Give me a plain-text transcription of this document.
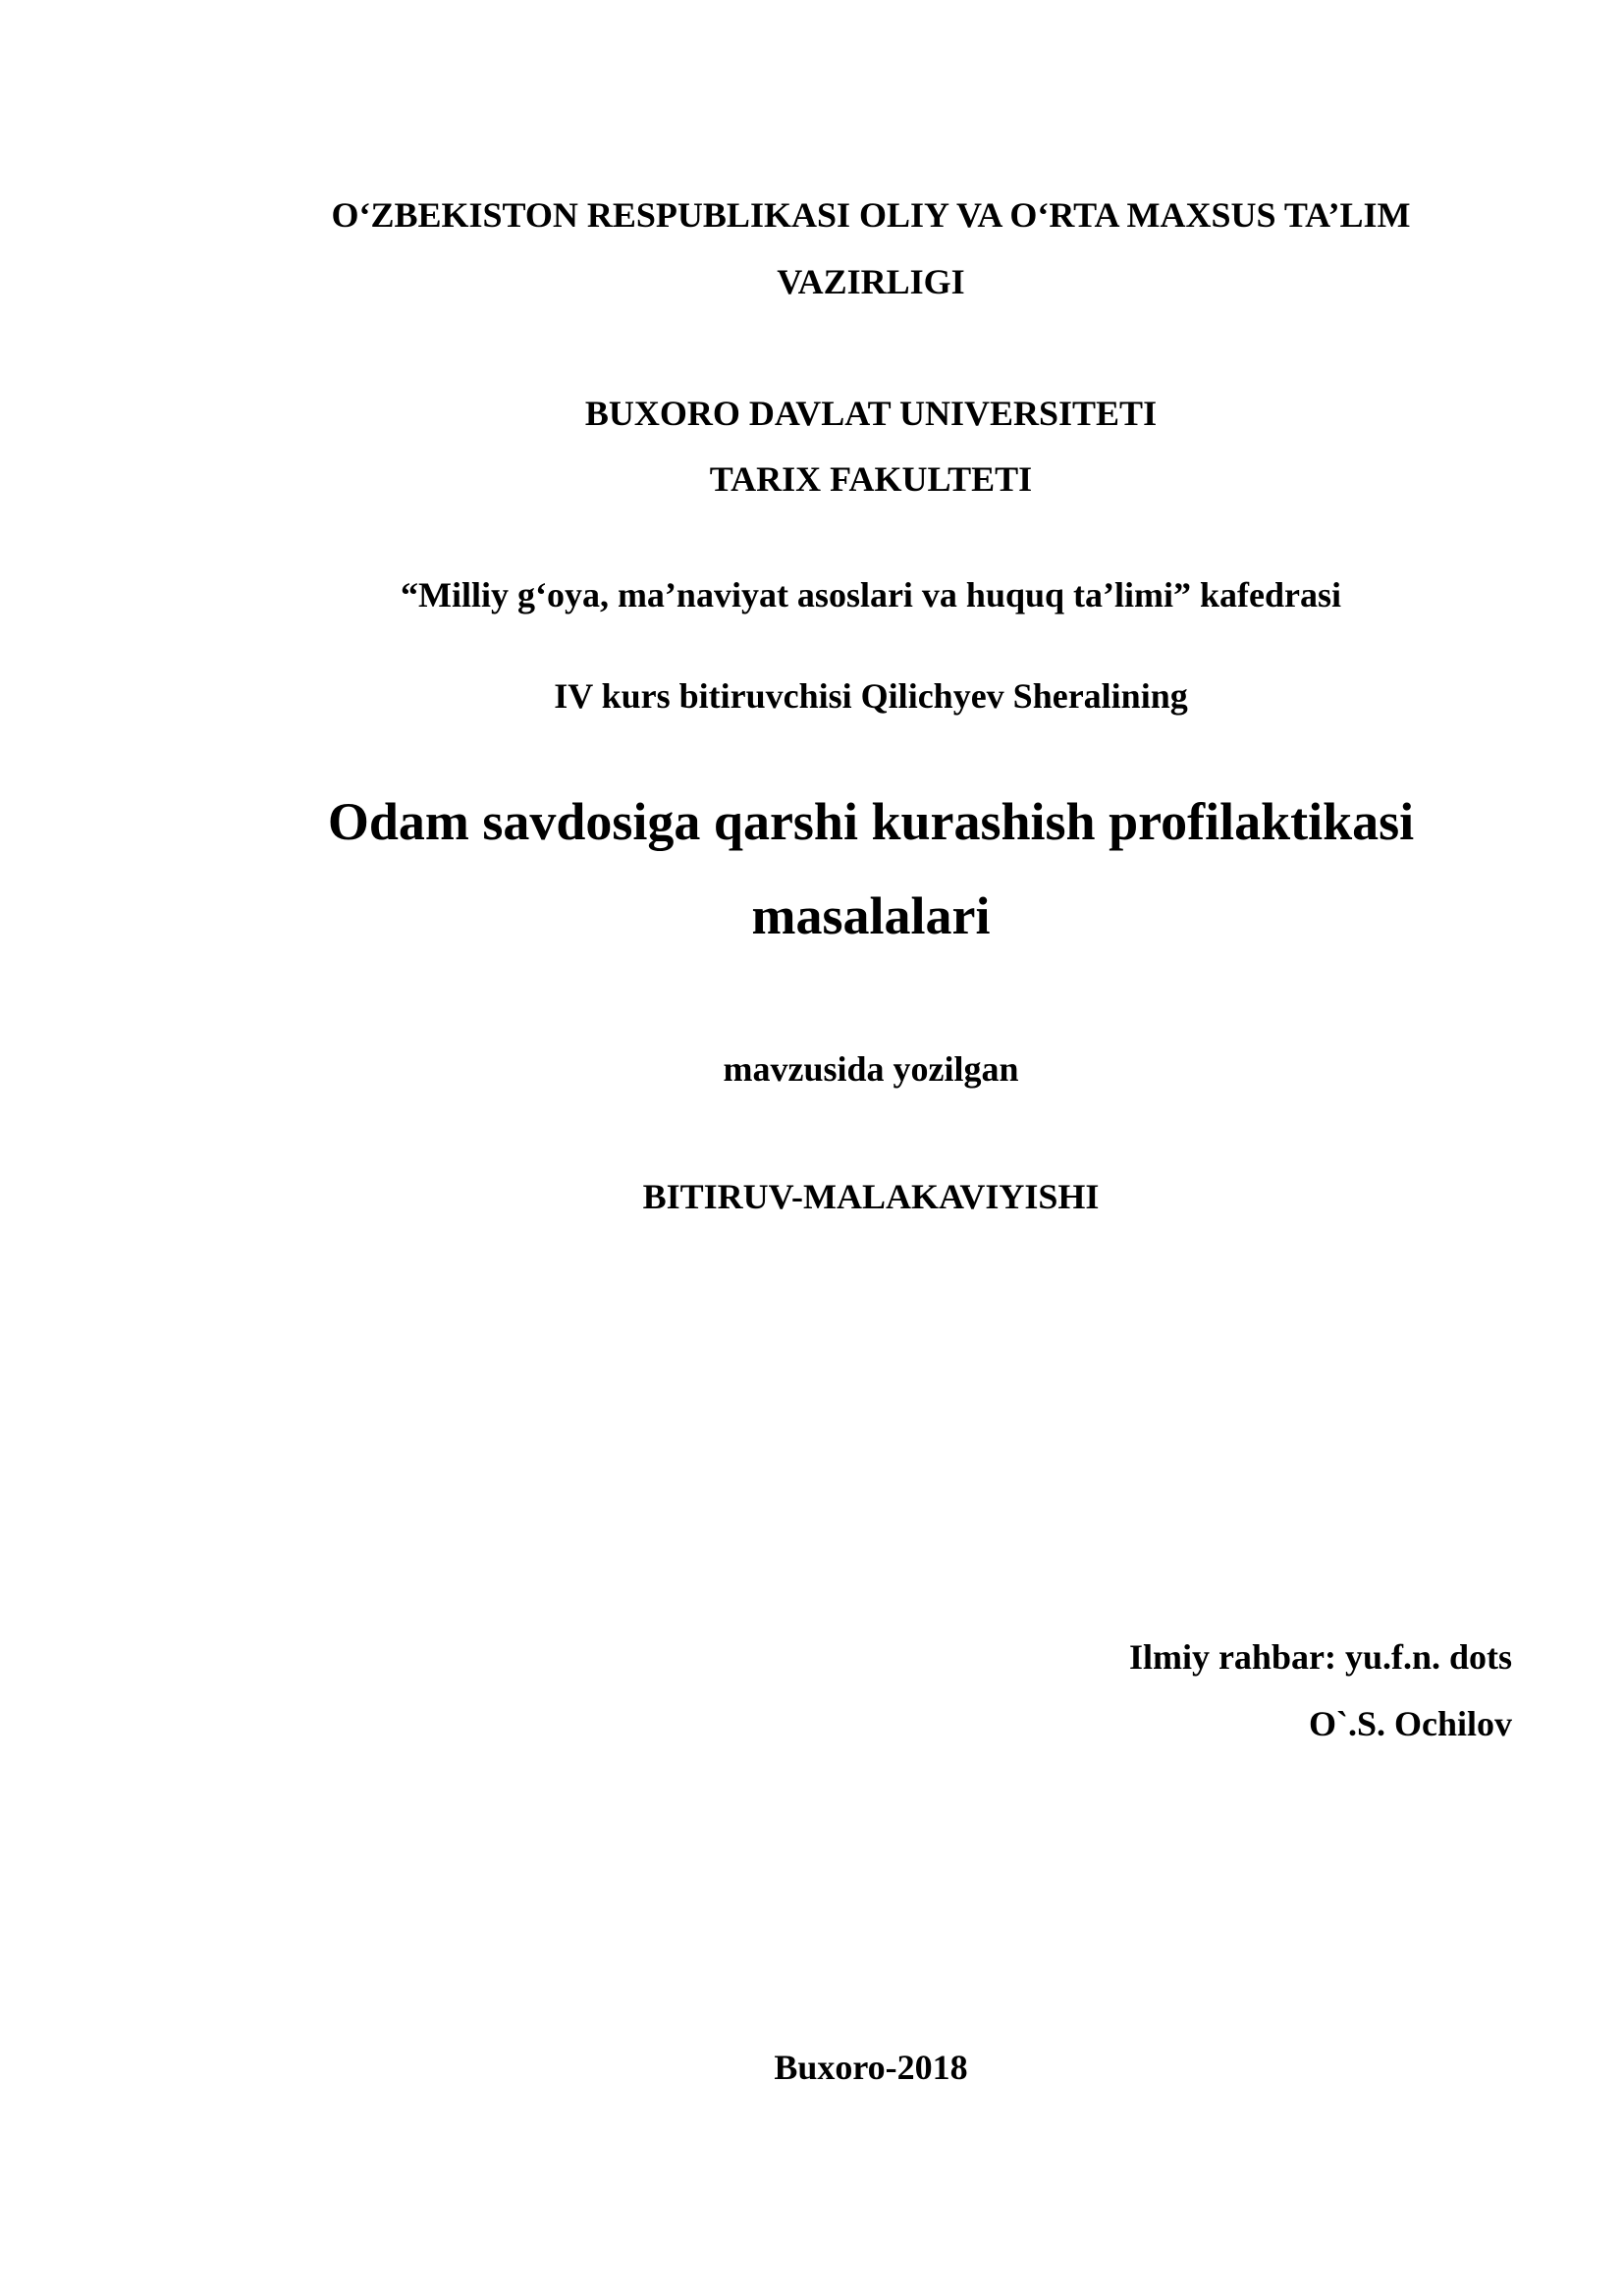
O‘ZBEKISTON RESPUBLIKASI OLIY VA O‘RTA MAXSUS TA’LIM
VAZIRLIGI
BUXORO DAVLAT UNIVERSITETI
TARIX FAKULTETI
“Milliy g‘oya, ma’naviyat asoslari va huquq ta’limi” kafedrasi
IV kurs bitiruvchisi Qilichyev Sheralining
Odam savdosiga qarshi kurashish profilaktikasi
masalalari
mavzusida yozilgan
BITIRUV-MALAKAVIYISHI
Ilmiy rahbar: yu.f.n. dots
O`.S. Ochilov
Buxoro-2018
